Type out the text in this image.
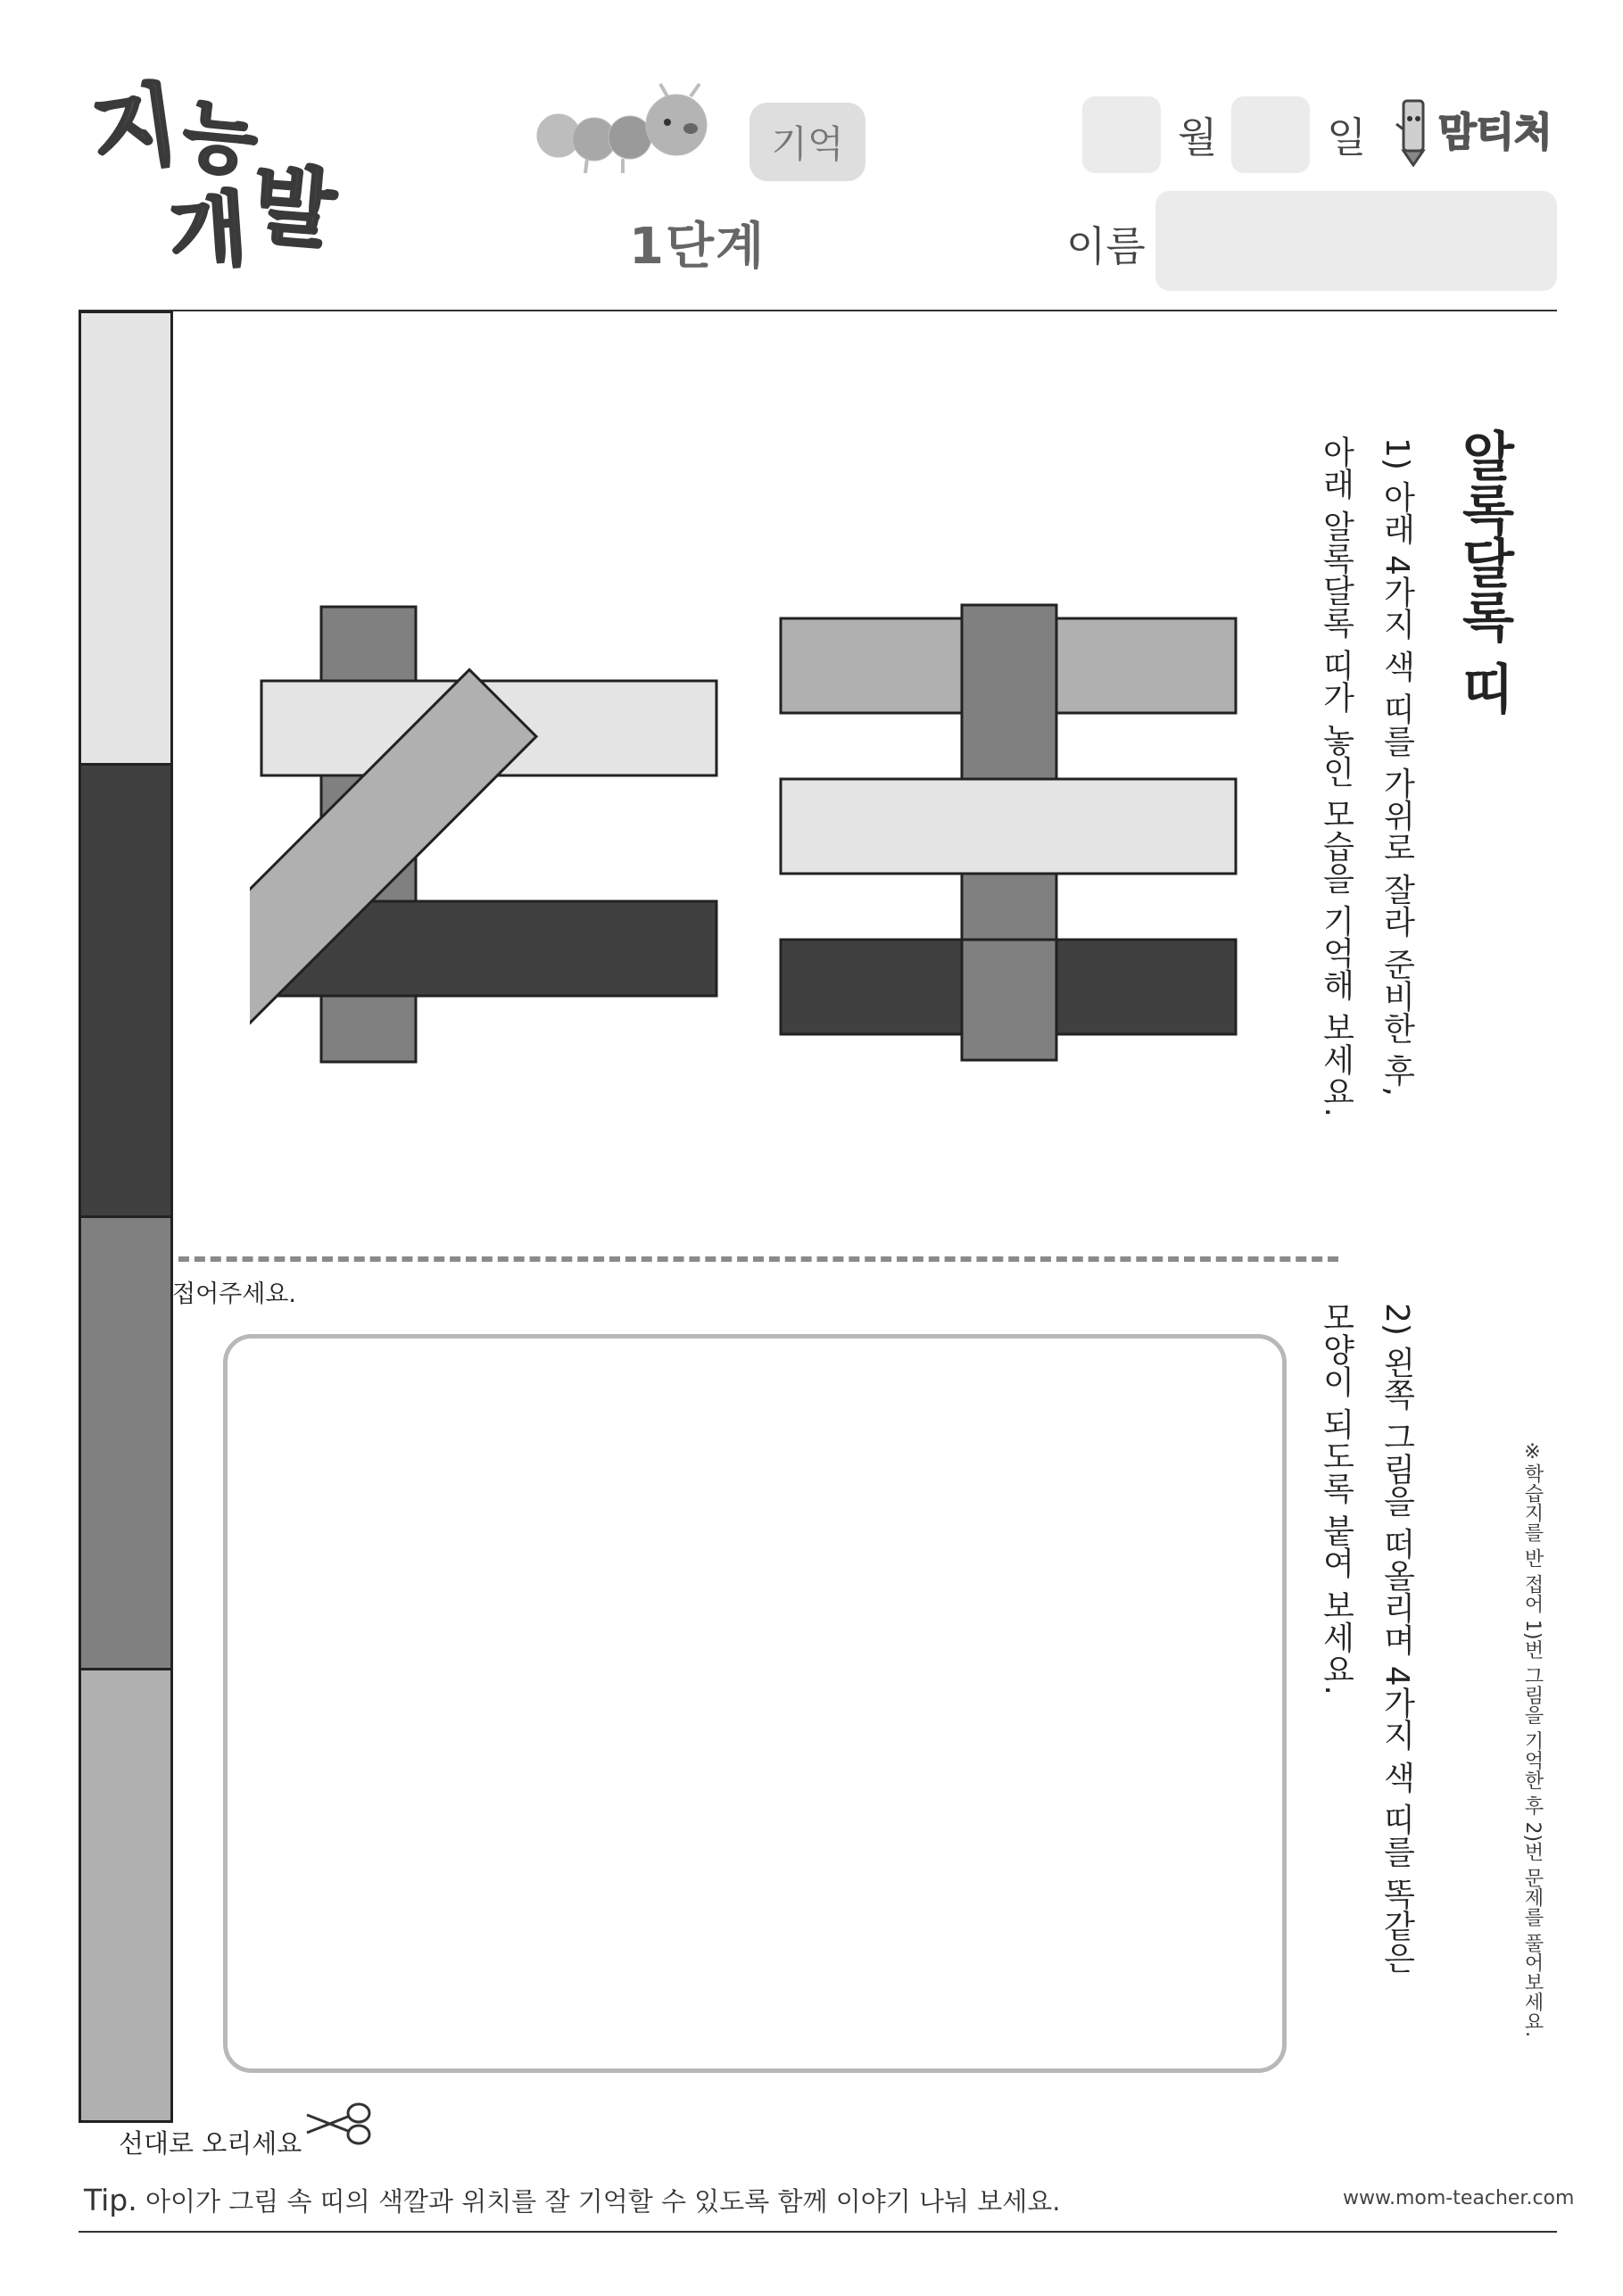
지
능
개
발
기억
1단계
월	일 맘티처
이름
알록달록 띠
1) 아래 4가지 색 띠를 가위로 잘라 준비한 후,
아래 알록달록 띠가 놓인 모습을 기억해 보세요.
접어주세요.
2) 왼쪽 그림을 떠올리며 4가지 색 띠를 똑같은
모양이 되도록 붙여 보세요.	※학습지를 반 접어 1)번 그림을 기억한 후 2)번 문제를 풀어보세요.
선대로 오리세요
Tip. 아이가 그림 속 띠의 색깔과 위치를 잘 기억할 수 있도록 함께 이야기 나눠 보세요.	www.mom-teacher.com
